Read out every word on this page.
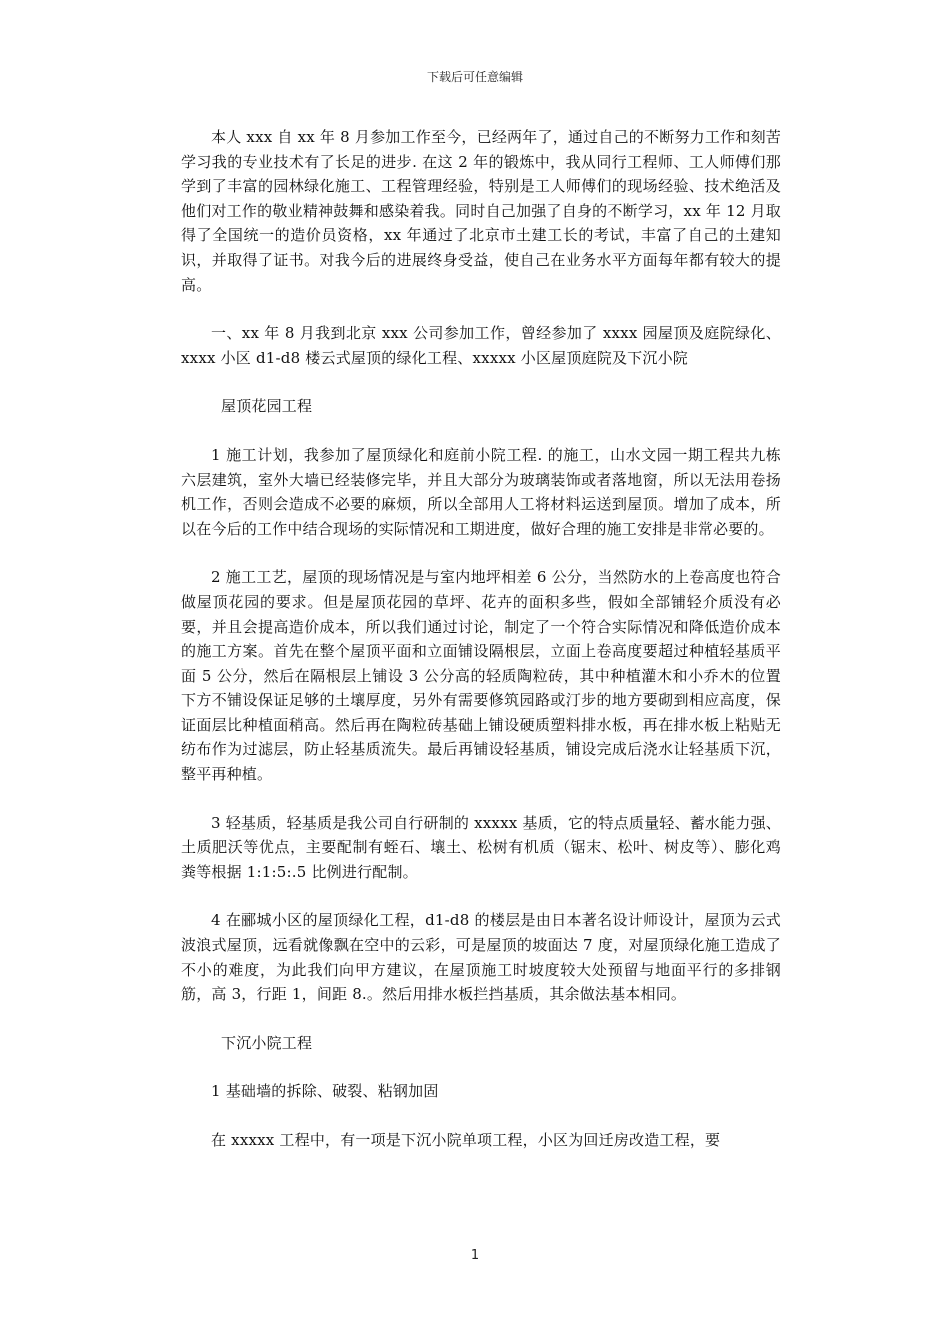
下载后可任意编辑

本人 xxx 自 xx 年 8 月参加工作至今，已经两年了，通过自己的不断努力工作和刻苦学习我的专业技术有了长足的进步. 在这 2 年的锻炼中，我从同行工程师、工人师傅们那学到了丰富的园林绿化施工、工程管理经验，特别是工人师傅们的现场经验、技术绝活及他们对工作的敬业精神鼓舞和感染着我。同时自己加强了自身的不断学习，xx 年 12 月取得了全国统一的造价员资格，xx 年通过了北京市土建工长的考试，丰富了自己的土建知识，并取得了证书。对我今后的进展终身受益，使自己在业务水平方面每年都有较大的提高。

一、xx 年 8 月我到北京 xxx 公司参加工作，曾经参加了 xxxx 园屋顶及庭院绿化、xxxx 小区 d1-d8 楼云式屋顶的绿化工程、xxxxx 小区屋顶庭院及下沉小院

屋顶花园工程

1 施工计划，我参加了屋顶绿化和庭前小院工程. 的施工，山水文园一期工程共九栋六层建筑，室外大墙已经装修完毕，并且大部分为玻璃装饰或者落地窗，所以无法用卷扬机工作，否则会造成不必要的麻烦，所以全部用人工将材料运送到屋顶。增加了成本，所以在今后的工作中结合现场的实际情况和工期进度，做好合理的施工安排是非常必要的。

2 施工工艺，屋顶的现场情况是与室内地坪相差 6 公分，当然防水的上卷高度也符合做屋顶花园的要求。但是屋顶花园的草坪、花卉的面积多些，假如全部铺轻介质没有必要，并且会提高造价成本，所以我们通过讨论，制定了一个符合实际情况和降低造价成本的施工方案。首先在整个屋顶平面和立面铺设隔根层，立面上卷高度要超过种植轻基质平面 5 公分，然后在隔根层上铺设 3 公分高的轻质陶粒砖，其中种植灌木和小乔木的位置下方不铺设保证足够的土壤厚度，另外有需要修筑园路或汀步的地方要砌到相应高度，保证面层比种植面稍高。然后再在陶粒砖基础上铺设硬质塑料排水板，再在排水板上粘贴无纺布作为过滤层，防止轻基质流失。最后再铺设轻基质，铺设完成后浇水让轻基质下沉，整平再种植。

3 轻基质，轻基质是我公司自行研制的 xxxxx 基质，它的特点质量轻、蓄水能力强、土质肥沃等优点，主要配制有蛭石、壤土、松树有机质（锯末、松叶、树皮等）、膨化鸡粪等根据 1:1:5:.5 比例进行配制。

4 在郦城小区的屋顶绿化工程，d1-d8 的楼层是由日本著名设计师设计，屋顶为云式波浪式屋顶，远看就像飘在空中的云彩，可是屋顶的坡面达 7 度，对屋顶绿化施工造成了不小的难度，为此我们向甲方建议，在屋顶施工时坡度较大处预留与地面平行的多排钢筋，高 3，行距 1，间距 8.。然后用排水板拦挡基质，其余做法基本相同。

下沉小院工程

1 基础墙的拆除、破裂、粘钢加固

在 xxxxx 工程中，有一项是下沉小院单项工程，小区为回迁房改造工程，要

1
